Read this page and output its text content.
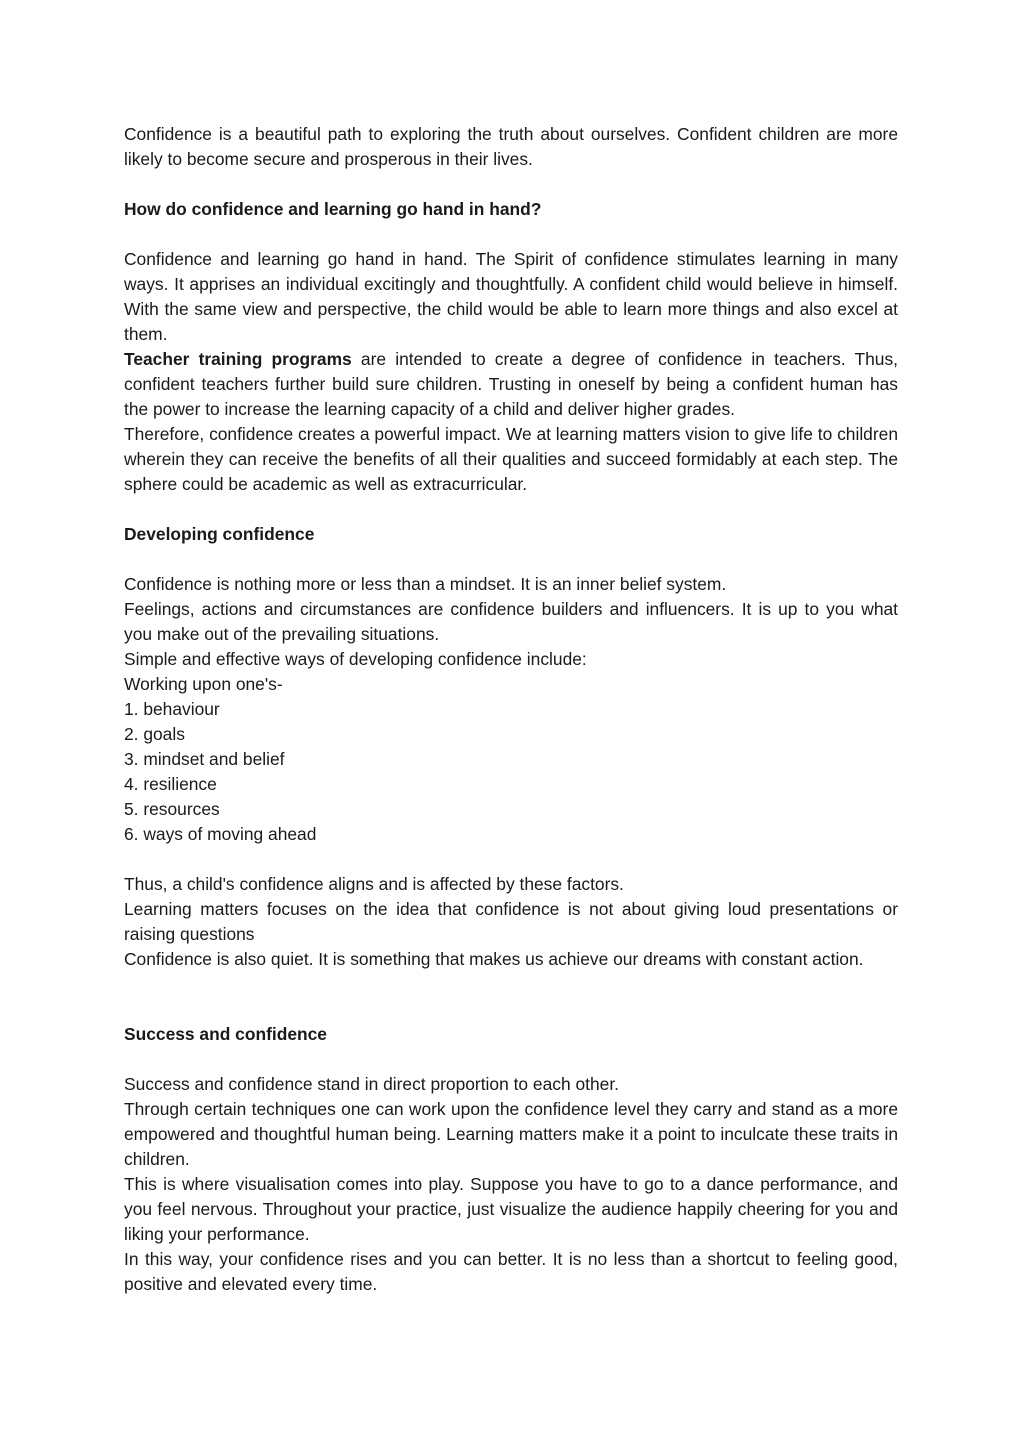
Confidence is a beautiful path to exploring the truth about ourselves. Confident children are more likely to become secure and prosperous in their lives.

How do confidence and learning go hand in hand?

Confidence and learning go hand in hand. The Spirit of confidence stimulates learning in many ways. It apprises an individual excitingly and thoughtfully. A confident child would believe in himself. With the same view and perspective, the child would be able to learn more things and also excel at them.

Teacher training programs are intended to create a degree of confidence in teachers. Thus, confident teachers further build sure children. Trusting in oneself by being a confident human has the power to increase the learning capacity of a child and deliver higher grades.

Therefore, confidence creates a powerful impact. We at learning matters vision to give life to children wherein they can receive the benefits of all their qualities and succeed formidably at each step. The sphere could be academic as well as extracurricular.

Developing confidence

Confidence is nothing more or less than a mindset. It is an inner belief system.

Feelings, actions and circumstances are confidence builders and influencers. It is up to you what you make out of the prevailing situations.

Simple and effective ways of developing confidence include:

Working upon one's-

1. behaviour
2. goals
3. mindset and belief
4. resilience
5. resources
6. ways of moving ahead

Thus, a child's confidence aligns and is affected by these factors.

Learning matters focuses on the idea that confidence is not about giving loud presentations or raising questions

Confidence is also quiet. It is something that makes us achieve our dreams with constant action.

Success and confidence

Success and confidence stand in direct proportion to each other.

Through certain techniques one can work upon the confidence level they carry and stand as a more empowered and thoughtful human being. Learning matters make it a point to inculcate these traits in children.

This is where visualisation comes into play. Suppose you have to go to a dance performance, and you feel nervous. Throughout your practice, just visualize the audience happily cheering for you and liking your performance.

In this way, your confidence rises and you can better. It is no less than a shortcut to feeling good, positive and elevated every time.
